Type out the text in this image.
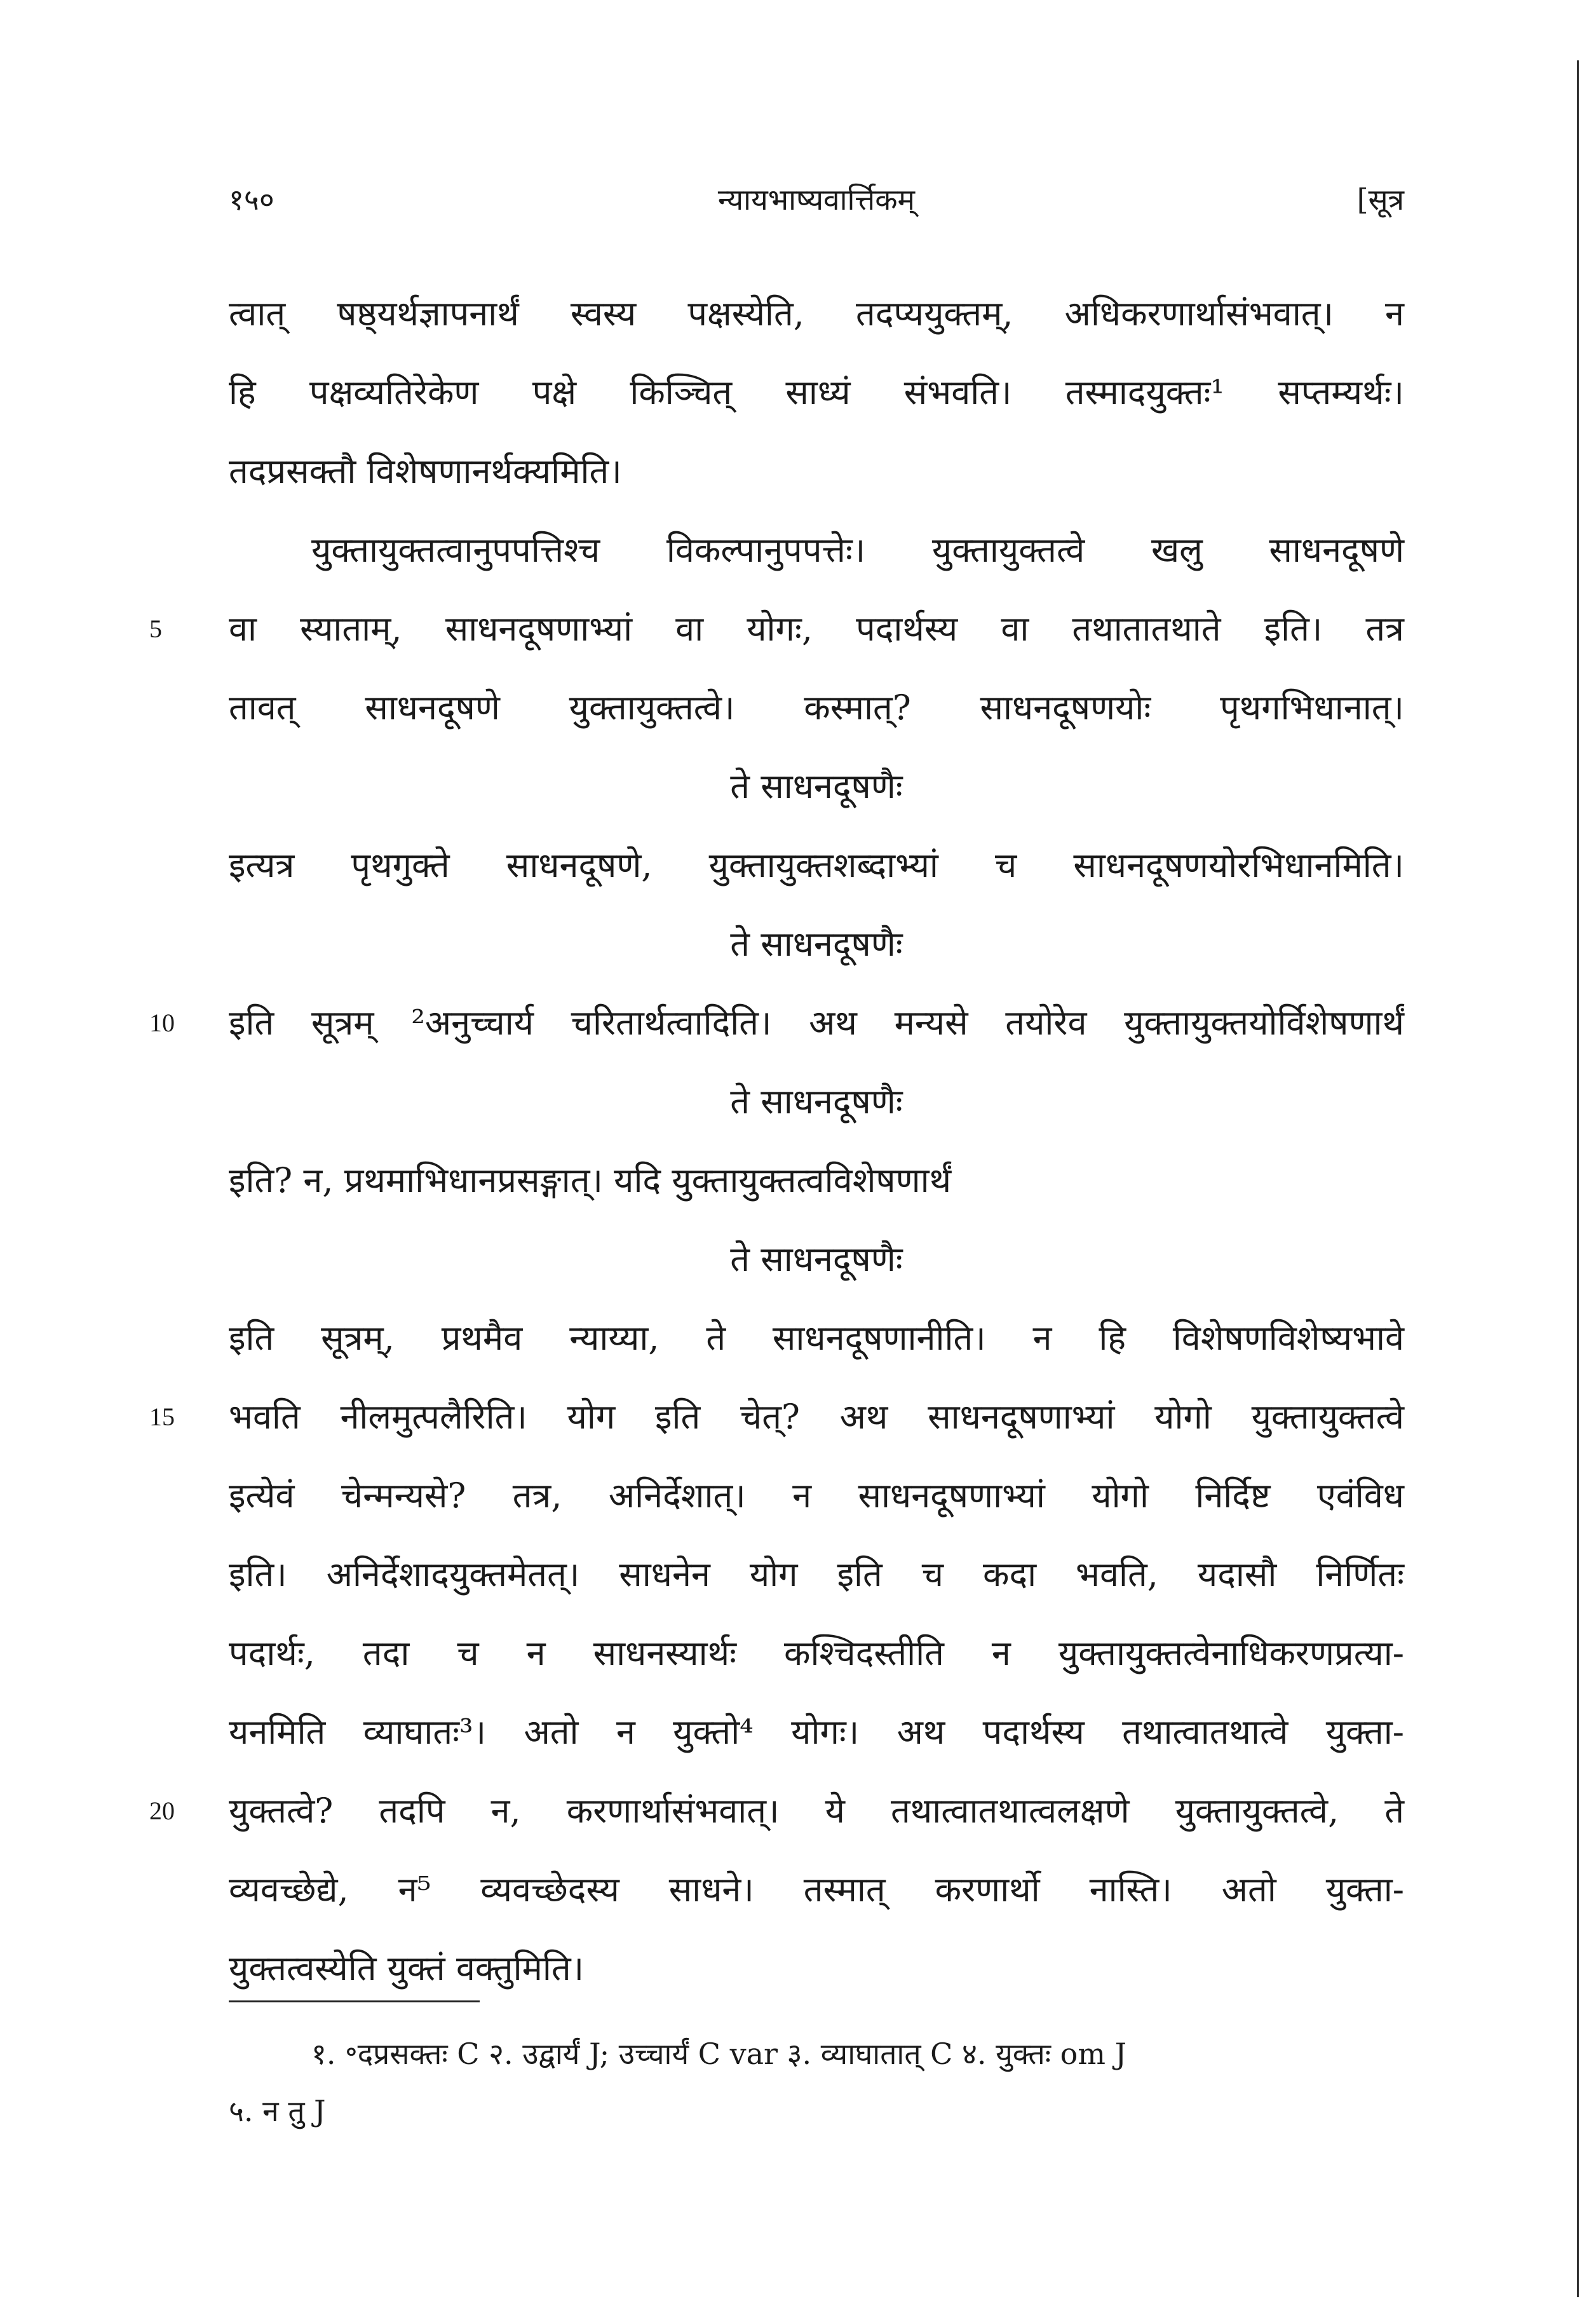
१५०	न्यायभाष्यवार्त्तिकम्	[सूत्र
त्वात् षष्ठ्यर्थज्ञापनार्थं स्वस्य पक्षस्येति, तदप्ययुक्तम्, अधिकरणार्थासंभवात्। न
हि पक्षव्यतिरेकेण पक्षे किञ्चित् साध्यं संभवति। तस्मादयुक्तः¹ सप्तम्यर्थः।
तदप्रसक्तौ विशेषणानर्थक्यमिति।
युक्तायुक्तत्वानुपपत्तिश्च विकल्पानुपपत्तेः। युक्तायुक्तत्वे खलु साधनदूषणे
5	वा स्याताम्, साधनदूषणाभ्यां वा योगः, पदार्थस्य वा तथातातथाते इति। तत्र
तावत् साधनदूषणे युक्तायुक्तत्वे। कस्मात्? साधनदूषणयोः पृथगभिधानात्।
ते साधनदूषणैः
इत्यत्र पृथगुक्ते साधनदूषणे, युक्तायुक्तशब्दाभ्यां च साधनदूषणयोरभिधानमिति।
ते साधनदूषणैः
10	इति सूत्रम् ²अनुच्चार्य चरितार्थत्वादिति। अथ मन्यसे तयोरेव युक्तायुक्तयोर्विशेषणार्थं
ते साधनदूषणैः
इति? न, प्रथमाभिधानप्रसङ्गात्। यदि युक्तायुक्तत्वविशेषणार्थं
ते साधनदूषणैः
इति सूत्रम्, प्रथमैव न्याय्या, ते साधनदूषणानीति। न हि विशेषणविशेष्यभावे
15	भवति नीलमुत्पलैरिति। योग इति चेत्? अथ साधनदूषणाभ्यां योगो युक्तायुक्तत्वे
इत्येवं चेन्मन्यसे? तत्र, अनिर्देशात्। न साधनदूषणाभ्यां योगो निर्दिष्ट एवंविध
इति। अनिर्देशादयुक्तमेतत्। साधनेन योग इति च कदा भवति, यदासौ निर्णितः
पदार्थः, तदा च न साधनस्यार्थः कश्चिदस्तीति न युक्तायुक्तत्वेनाधिकरणप्रत्या-
यनमिति व्याघातः³। अतो न युक्तो⁴ योगः। अथ पदार्थस्य तथात्वातथात्वे युक्ता-
20	युक्तत्वे? तदपि न, करणार्थासंभवात्। ये तथात्वातथात्वलक्षणे युक्तायुक्तत्वे, ते
व्यवच्छेद्ये, न⁵ व्यवच्छेदस्य साधने। तस्मात् करणार्थो नास्ति। अतो युक्ता-
युक्तत्वस्येति युक्तं वक्तुमिति।
१. ॰दप्रसक्तः C २. उद्वार्यं J; उच्चार्यं C var ३. व्याघातात् C ४. युक्तः om J
५. न तु J
